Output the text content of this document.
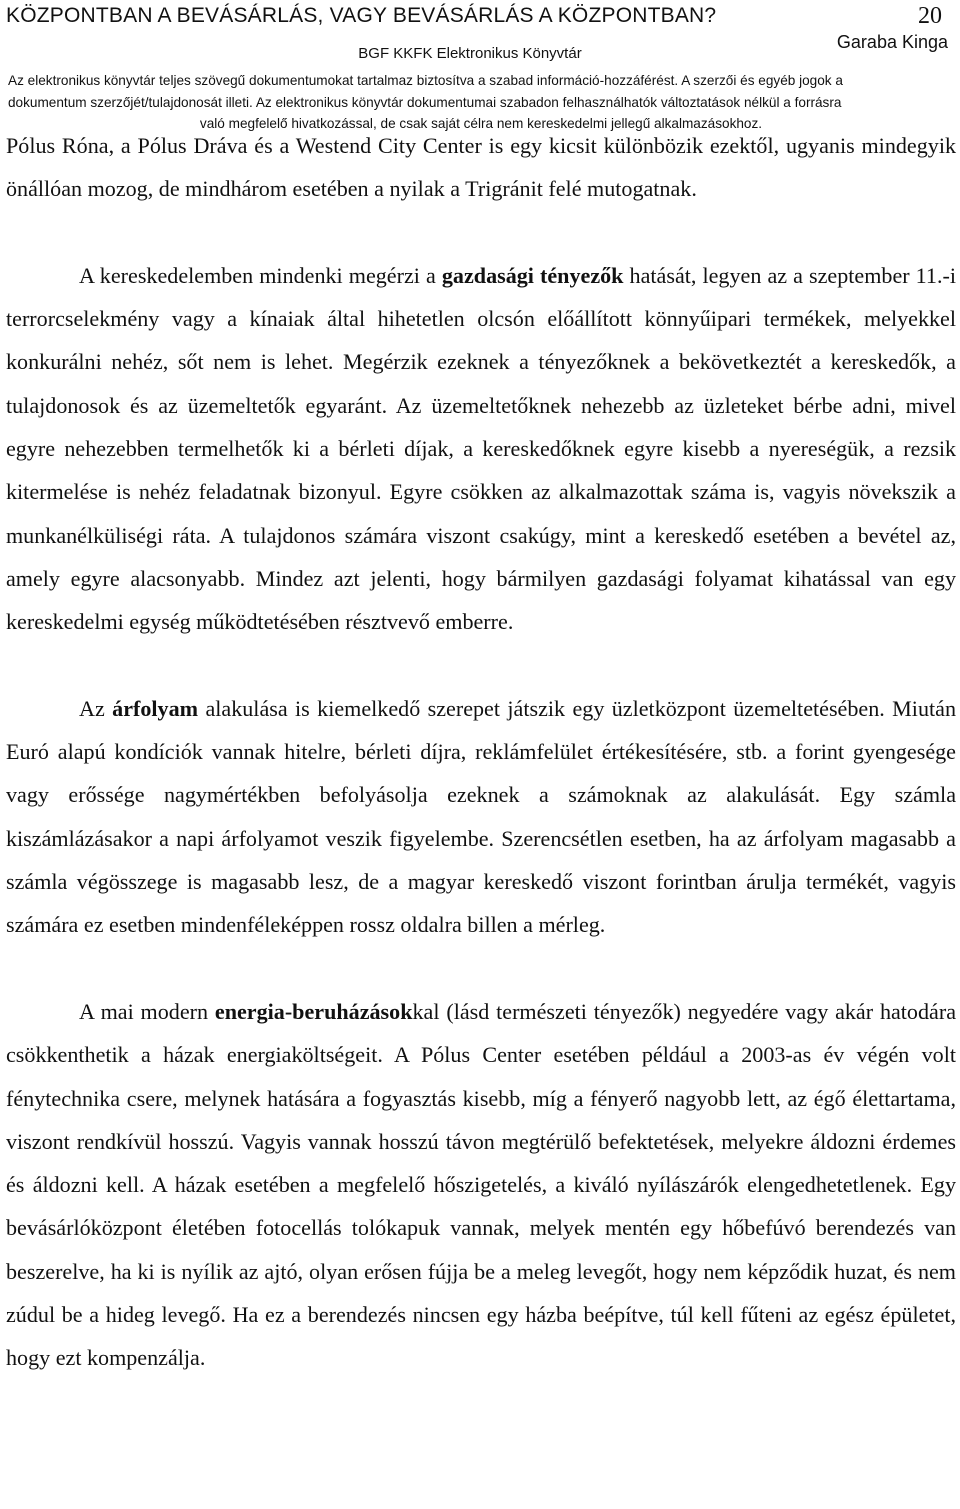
KÖZPONTBAN A BEVÁSÁRLÁS, VAGY BEVÁSÁRLÁS A KÖZPONTBAN?	20
Garaba Kinga
BGF KKFK Elektronikus Könyvtár
Az elektronikus könyvtár teljes szövegű dokumentumokat tartalmaz biztosítva a szabad információ-hozzáférést. A szerzői és egyéb jogok a
dokumentum szerzőjét/tulajdonosát illeti. Az elektronikus könyvtár dokumentumai szabadon felhasználhatók változtatások nélkül a forrásra
való megfelelő hivatkozással, de csak saját célra nem kereskedelmi jellegű alkalmazásokhoz.

Pólus Róna, a Pólus Dráva és a Westend City Center is egy kicsit különbözik ezektől, ugyanis mindegyik önállóan mozog, de mindhárom esetében a nyilak a Trigránit felé mutogatnak.

A kereskedelemben mindenki megérzi a gazdasági tényezők hatását, legyen az a szeptember 11.-i terrorcselekmény vagy a kínaiak által hihetetlen olcsón előállított könnyűipari termékek, melyekkel konkurálni nehéz, sőt nem is lehet. Megérzik ezeknek a tényezőknek a bekövetkeztét a kereskedők, a tulajdonosok és az üzemeltetők egyaránt. Az üzemeltetőknek nehezebb az üzleteket bérbe adni, mivel egyre nehezebben termelhetők ki a bérleti díjak, a kereskedőknek egyre kisebb a nyereségük, a rezsik kitermelése is nehéz feladatnak bizonyul. Egyre csökken az alkalmazottak száma is, vagyis növekszik a munkanélküliségi ráta. A tulajdonos számára viszont csakúgy, mint a kereskedő esetében a bevétel az, amely egyre alacsonyabb. Mindez azt jelenti, hogy bármilyen gazdasági folyamat kihatással van egy kereskedelmi egység működtetésében résztvevő emberre.

Az árfolyam alakulása is kiemelkedő szerepet játszik egy üzletközpont üzemeltetésében. Miután Euró alapú kondíciók vannak hitelre, bérleti díjra, reklámfelület értékesítésére, stb. a forint gyengesége vagy erőssége nagymértékben befolyásolja ezeknek a számoknak az alakulását. Egy számla kiszámlázásakor a napi árfolyamot veszik figyelembe. Szerencsétlen esetben, ha az árfolyam magasabb a számla végösszege is magasabb lesz, de a magyar kereskedő viszont forintban árulja termékét, vagyis számára ez esetben mindenféleképpen rossz oldalra billen a mérleg.

A mai modern energia-beruházásokkal (lásd természeti tényezők) negyedére vagy akár hatodára csökkenthetik a házak energiaköltségeit. A Pólus Center esetében például a 2003-as év végén volt fénytechnika csere, melynek hatására a fogyasztás kisebb, míg a fényerő nagyobb lett, az égő élettartama, viszont rendkívül hosszú. Vagyis vannak hosszú távon megtérülő befektetések, melyekre áldozni érdemes és áldozni kell. A házak esetében a megfelelő hőszigetelés, a kiváló nyílászárók elengedhetetlenek. Egy bevásárlóközpont életében fotocellás tolókapuk vannak, melyek mentén egy hőbefúvó berendezés van beszerelve, ha ki is nyílik az ajtó, olyan erősen fújja be a meleg levegőt, hogy nem képződik huzat, és nem zúdul be a hideg levegő. Ha ez a berendezés nincsen egy házba beépítve, túl kell fűteni az egész épületet, hogy ezt kompenzálja.
